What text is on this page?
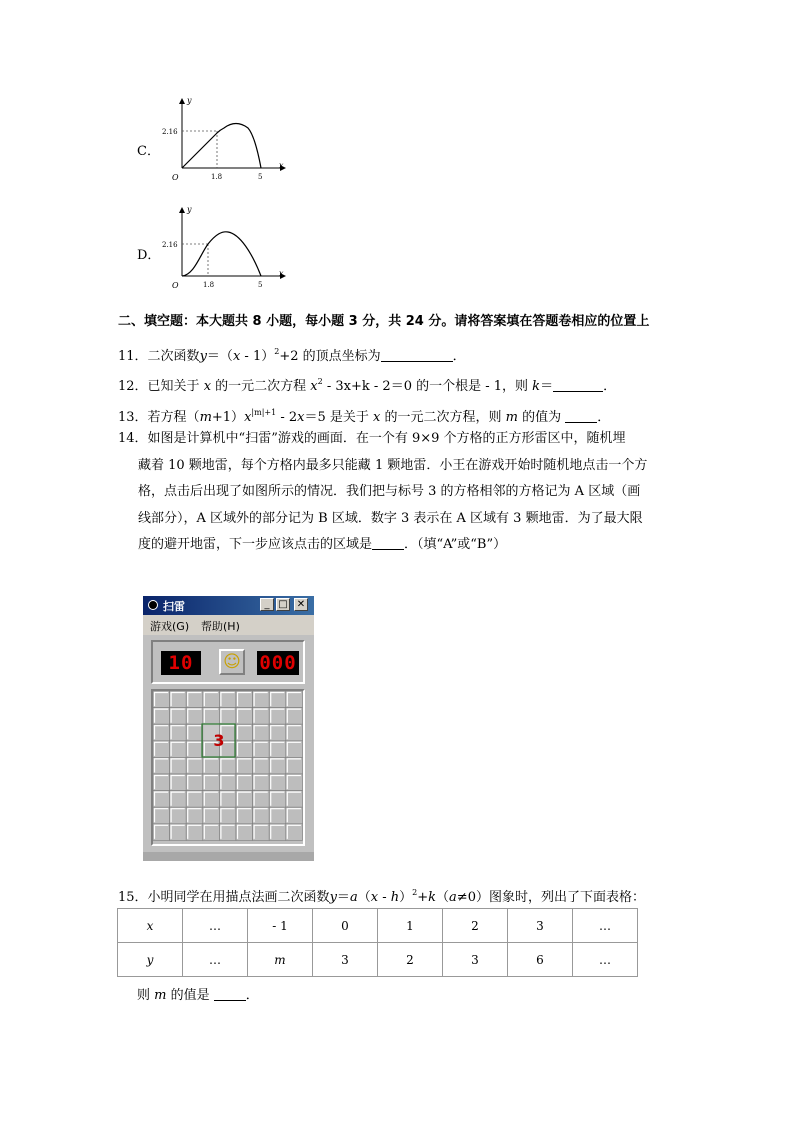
C．
y
x
O
2.16
1.8	5
D．
y
x
O
2.16
1.8	5
二、填空题：本大题共 8 小题，每小题 3 分，共 24 分。请将答案填在答题卷相应的位置上
11．二次函数y＝（x - 1）$^2$+2 的顶点坐标为	．
12．已知关于 x 的一元二次方程 $x^2 - 3x+k - 2=0$ 的一个根是 - 1，则 k＝	．
13．若方程$(m+1)x^{|m|+1} - 2x=5$ 是关于 x 的一元二次方程，则 m 的值为 ．
14．如图是计算机中“扫雷”游戏的画面．在一个有 9×9 个方格的正方形雷区中，随机埋
藏着 10 颗地雷，每个方格内最多只能藏 1 颗地雷．小王在游戏开始时随机地点击一个方
格，点击后出现了如图所示的情况．我们把与标号 3 的方格相邻的方格记为 A 区域（画
线部分），A 区域外的部分记为 B 区域．数字 3 表示在 A 区域有 3 颗地雷．为了最大限
度的避开地雷，下一步应该点击的区域是 ．（填“A”或“B”）
扫雷	_ □ ✕
游戏(G) 帮助(H)
10	☺ 000
3
15．小明同学在用描点法画二次函数y＝a（x - h）$^2$+k（a≠0）图象时，列出了下面表格：
x	…	- 1	0	1	2	3	…
y	…	m	3	2	3	6	…
则 m 的值是 ．
